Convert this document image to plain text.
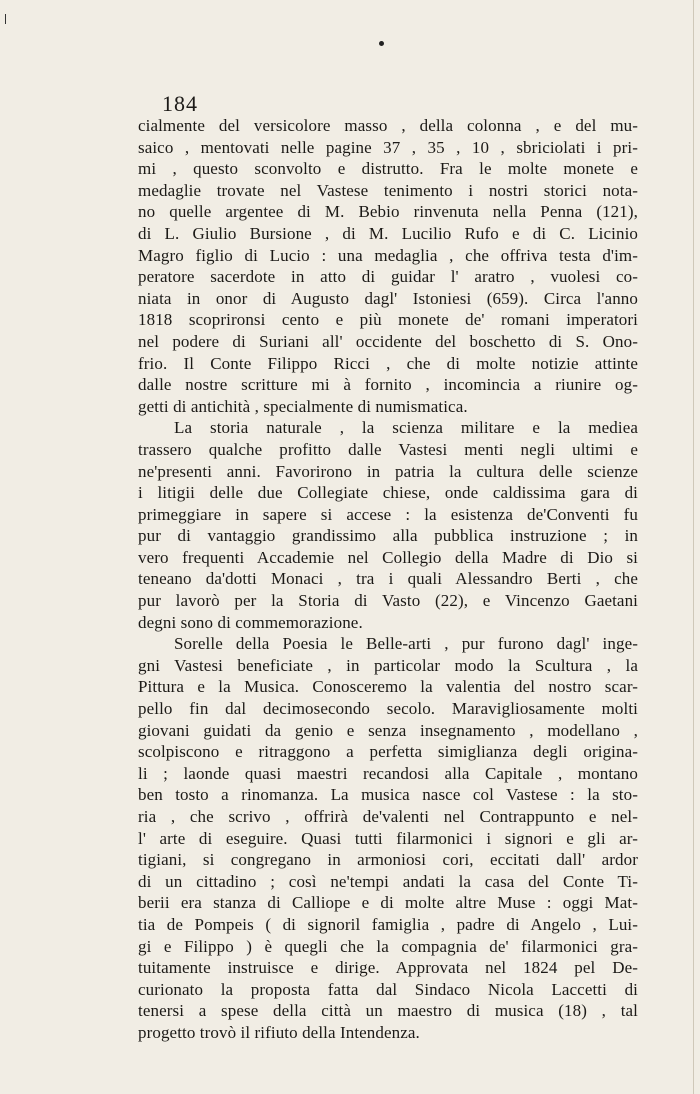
184
cialmente del versicolore masso , della colonna , e del mu-
saico , mentovati nelle pagine 37 , 35 , 10 , sbriciolati i pri-
mi , questo sconvolto e distrutto. Fra le molte monete e
medaglie trovate nel Vastese tenimento i nostri storici nota-
no quelle argentee di M. Bebio rinvenuta nella Penna (121),
di L. Giulio Bursione , di M. Lucilio Rufo e di C. Licinio
Magro figlio di Lucio : una medaglia , che offriva testa d'im-
peratore sacerdote in atto di guidar l' aratro , vuolesi co-
niata in onor di Augusto dagl' Istoniesi (659). Circa l'anno
1818 scoprironsi cento e più monete de' romani imperatori
nel podere di Suriani all' occidente del boschetto di S. Ono-
frio. Il Conte Filippo Ricci , che di molte notizie attinte
dalle nostre scritture mi à fornito , incomincia a riunire og-
getti di antichità , specialmente di numismatica.
La storia naturale , la scienza militare e la mediea
trassero qualche profitto dalle Vastesi menti negli ultimi e
ne'presenti anni. Favorirono in patria la cultura delle scienze
i litigii delle due Collegiate chiese, onde caldissima gara di
primeggiare in sapere si accese : la esistenza de'Conventi fu
pur di vantaggio grandissimo alla pubblica instruzione ; in
vero frequenti Accademie nel Collegio della Madre di Dio si
teneano da'dotti Monaci , tra i quali Alessandro Berti , che
pur lavorò per la Storia di Vasto (22), e Vincenzo Gaetani
degni sono di commemorazione.
Sorelle della Poesia le Belle-arti , pur furono dagl' inge-
gni Vastesi beneficiate , in particolar modo la Scultura , la
Pittura e la Musica. Conosceremo la valentia del nostro scar-
pello fin dal decimosecondo secolo. Maravigliosamente molti
giovani guidati da genio e senza insegnamento , modellano ,
scolpiscono e ritraggono a perfetta simiglianza degli origina-
li ; laonde quasi maestri recandosi alla Capitale , montano
ben tosto a rinomanza. La musica nasce col Vastese : la sto-
ria , che scrivo , offrirà de'valenti nel Contrappunto e nel-
l' arte di eseguire. Quasi tutti filarmonici i signori e gli ar-
tigiani, si congregano in armoniosi cori, eccitati dall' ardor
di un cittadino ; così ne'tempi andati la casa del Conte Ti-
berii era stanza di Calliope e di molte altre Muse : oggi Mat-
tia de Pompeis ( di signoril famiglia , padre di Angelo , Lui-
gi e Filippo ) è quegli che la compagnia de' filarmonici gra-
tuitamente instruisce e dirige. Approvata nel 1824 pel De-
curionato la proposta fatta dal Sindaco Nicola Laccetti di
tenersi a spese della città un maestro di musica (18) , tal
progetto trovò il rifiuto della Intendenza.
